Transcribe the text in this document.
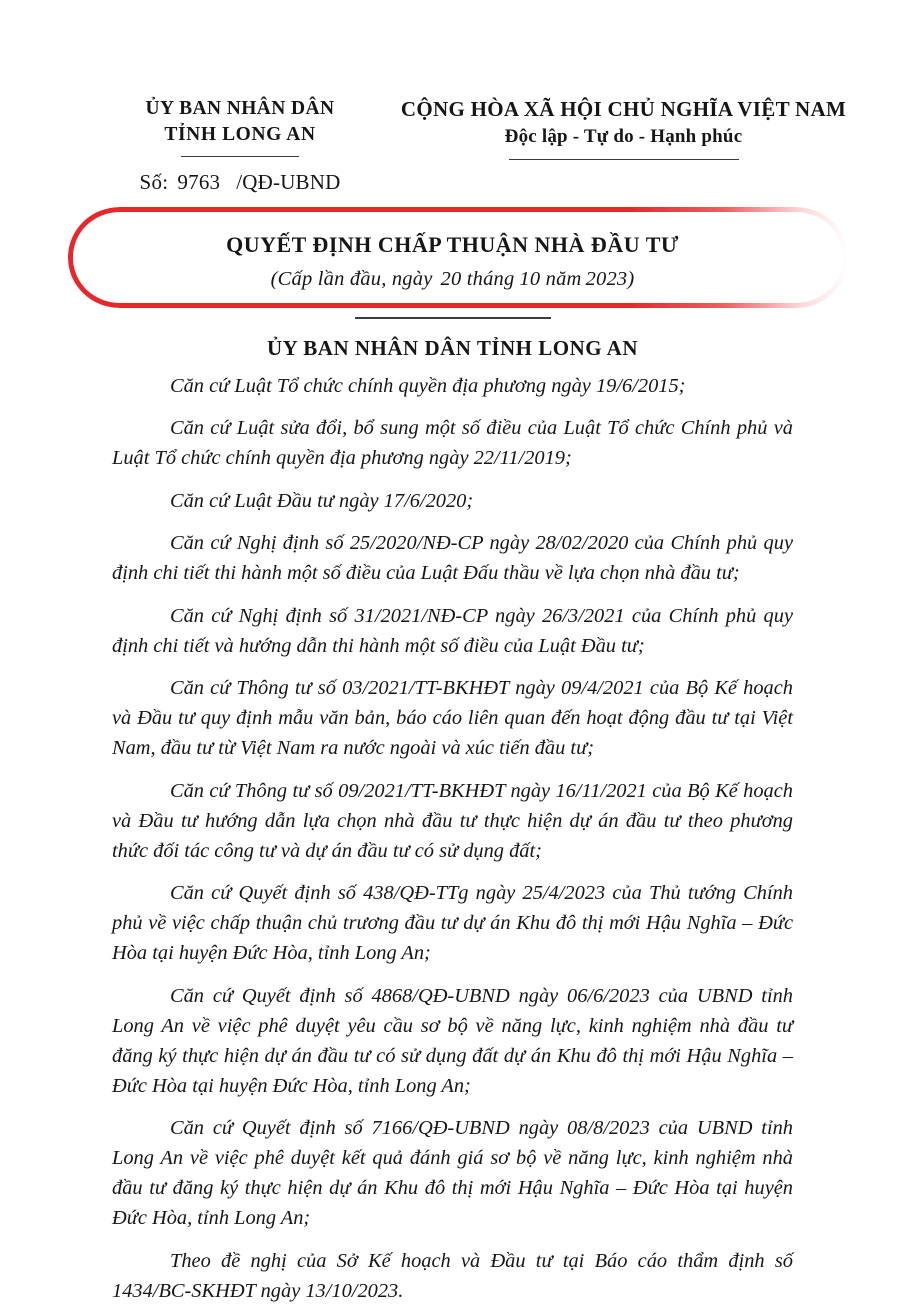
ỦY BAN NHÂN DÂN
TỈNH LONG AN
Số: 9763 /QĐ-UBND
CỘNG HÒA XÃ HỘI CHỦ NGHĨA VIỆT NAM
Độc lập - Tự do - Hạnh phúc
QUYẾT ĐỊNH CHẤP THUẬN NHÀ ĐẦU TƯ
(Cấp lần đầu, ngày 20 tháng 10 năm 2023)
ỦY BAN NHÂN DÂN TỈNH LONG AN

Căn cứ Luật Tổ chức chính quyền địa phương ngày 19/6/2015;

Căn cứ Luật sửa đổi, bổ sung một số điều của Luật Tổ chức Chính phủ và Luật Tổ chức chính quyền địa phương ngày 22/11/2019;

Căn cứ Luật Đầu tư ngày 17/6/2020;

Căn cứ Nghị định số 25/2020/NĐ-CP ngày 28/02/2020 của Chính phủ quy định chi tiết thi hành một số điều của Luật Đấu thầu về lựa chọn nhà đầu tư;

Căn cứ Nghị định số 31/2021/NĐ-CP ngày 26/3/2021 của Chính phủ quy định chi tiết và hướng dẫn thi hành một số điều của Luật Đầu tư;

Căn cứ Thông tư số 03/2021/TT-BKHĐT ngày 09/4/2021 của Bộ Kế hoạch và Đầu tư quy định mẫu văn bản, báo cáo liên quan đến hoạt động đầu tư tại Việt Nam, đầu tư từ Việt Nam ra nước ngoài và xúc tiến đầu tư;

Căn cứ Thông tư số 09/2021/TT-BKHĐT ngày 16/11/2021 của Bộ Kế hoạch và Đầu tư hướng dẫn lựa chọn nhà đầu tư thực hiện dự án đầu tư theo phương thức đối tác công tư và dự án đầu tư có sử dụng đất;

Căn cứ Quyết định số 438/QĐ-TTg ngày 25/4/2023 của Thủ tướng Chính phủ về việc chấp thuận chủ trương đầu tư dự án Khu đô thị mới Hậu Nghĩa – Đức Hòa tại huyện Đức Hòa, tỉnh Long An;

Căn cứ Quyết định số 4868/QĐ-UBND ngày 06/6/2023 của UBND tỉnh Long An về việc phê duyệt yêu cầu sơ bộ về năng lực, kinh nghiệm nhà đầu tư đăng ký thực hiện dự án đầu tư có sử dụng đất dự án Khu đô thị mới Hậu Nghĩa – Đức Hòa tại huyện Đức Hòa, tỉnh Long An;

Căn cứ Quyết định số 7166/QĐ-UBND ngày 08/8/2023 của UBND tỉnh Long An về việc phê duyệt kết quả đánh giá sơ bộ về năng lực, kinh nghiệm nhà đầu tư đăng ký thực hiện dự án Khu đô thị mới Hậu Nghĩa – Đức Hòa tại huyện Đức Hòa, tỉnh Long An;

Theo đề nghị của Sở Kế hoạch và Đầu tư tại Báo cáo thẩm định số 1434/BC-SKHĐT ngày 13/10/2023.
